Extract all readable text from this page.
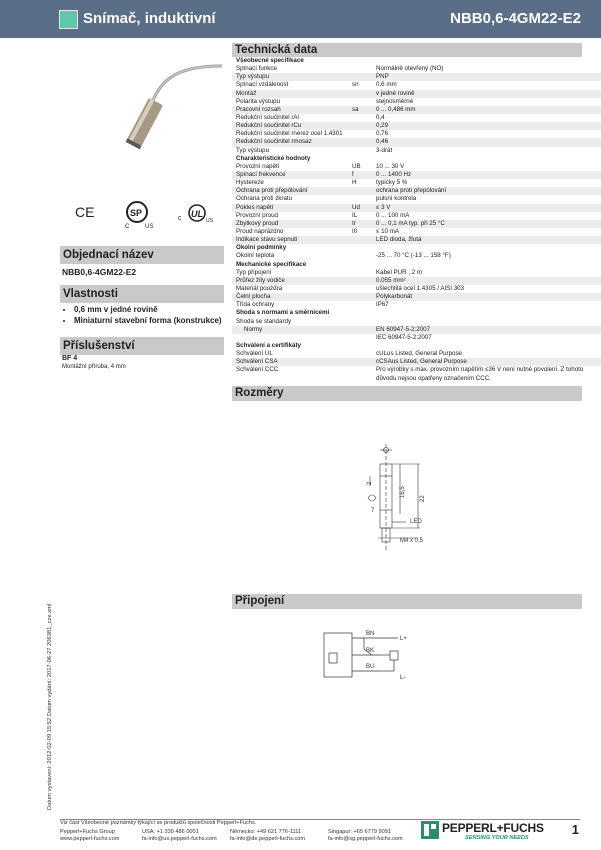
Snímač, induktivní	NBB0,6-4GM22-E2
CE	SP
C	US
c UL
US
Objednací název
NBB0,6-4GM22-E2
Vlastnosti
• 0,6 mm v jedné rovině
• Miniaturní stavební forma (konstrukce)
Příslušenství
BF 4
Montážní příruba, 4 mm
Technická data
Všeobecné specifikace
Spínací funkce	Normálně otevřený (NO)
Typ výstupu	PNP
Spínací vzdálenost	sn	0,6 mm
Montáž	v jedné rovině
Polarita výstupu	stejnosměrné
Pracovní rozsah	sa	0 ... 0,486 mm
Redukční součinitel rAl	0,4
Redukční součinitel rCu	0,29
Redukční součinitel rnerez ocel 1.4301	0,76
Redukční součinitel rmosaz	0,46
Typ výstupu	3-drát
Charakteristické hodnoty
Provozní napětí	UB 10 ... 30 V
Spínací frekvence	f	0 ... 1400 Hz
Hystereze	H	typicky 5 %
Ochrana proti přepólování	ochrana proti přepólování
Ochrana proti zkratu	pulsní kontrola
Pokles napětí	Ud	≤ 3 V
Provozní proud	IL	0 ... 100 mA
Zbytkový proud	Ir	0 ... 0,1 mA typ. při 25 °C
Proud naprázdno	I0	≤ 10 mA
Indikace stavu sepnutí	LED dioda, žlutá
Okolní podmínky
Okolní teplota	-25 ... 70 °C (-13 ... 158 °F)
Mechanické specifikace
Typ připojení	Kabel PUR , 2 m
Průřez žíly vodiče	0,055 mm²
Materiál pouzdra	ušlechtilá ocel 1.4305 / AISI 303
Čelní plocha	Polykarbonát
Třída ochrany	IP67
Shoda s normami a směrnicemi
Shoda se standardy
Normy	EN 60947-5-2:2007
IEC 60947-5-2:2007
Schválení a certifikáty
Schválení UL	cULus Listed, General Purpose
Schválení CSA	cCSAus Listed, General Purpose
Schválení CCC	Pro výrobky s max. provozním napětím ≤36 V není nutné povolení. Z tohoto důvodu nejsou opatřeny označením CCC.
Rozměry
2
16,5
22
7
LED
M4 x 0,5
Připojení
BN
BK
BU
L+
L-
Datum vystavení: 2012-02-09 15:52 Datum vydání: 2017-06-27 206381_cze.xml
Viz část Všeobecné poznámky týkající se produktů společnosti Pepperl+Fuchs.
Pepperl+Fuchs Group
www.pepperl-fuchs.com
USA: +1 330 486 0001
fa-info@us.pepperl-fuchs.com
Německo: +49 621 776-1111
fa-info@de.pepperl-fuchs.com
Singapur: +65 6779 9091
fa-info@sg.pepperl-fuchs.com
PEPPERL+FUCHS
SENSING YOUR NEEDS
1
